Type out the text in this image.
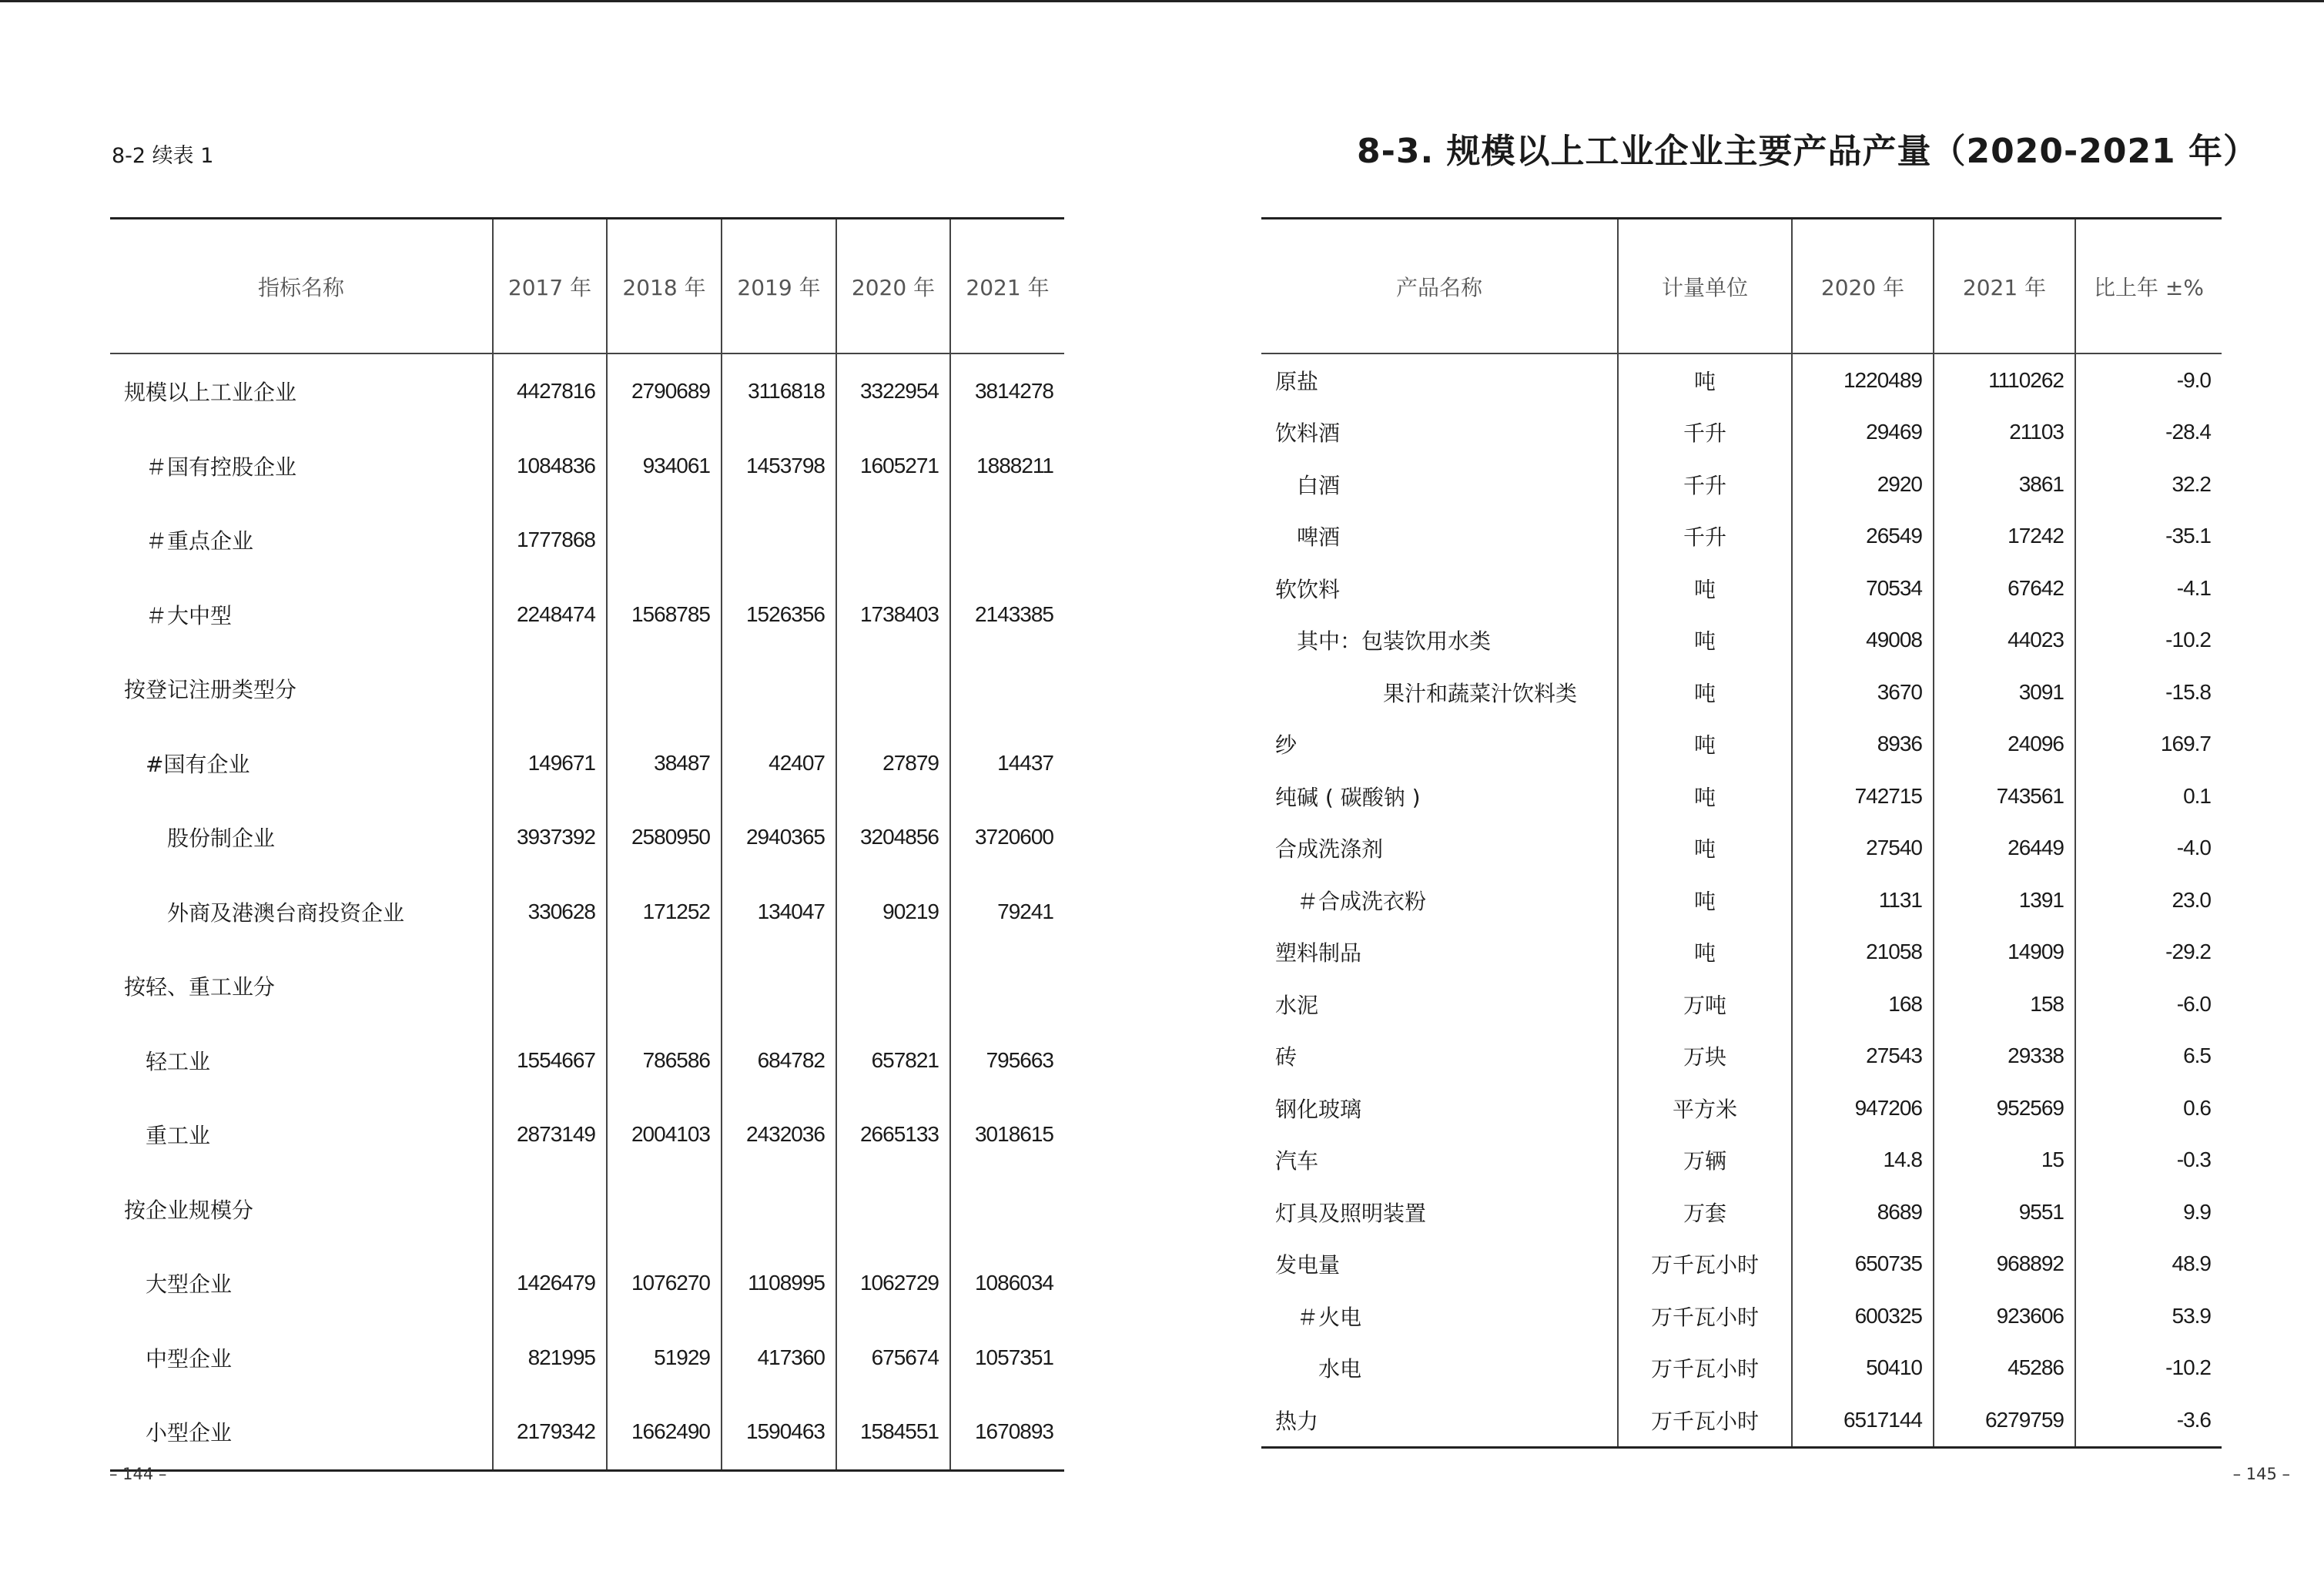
8-2 续表 1
指标名称	2017 年	2018 年	2019 年	2020 年	2021 年
规模以上工业企业	4427816	2790689	3116818	3322954	3814278
＃国有控股企业	1084836	934061	1453798	1605271	1888211
＃重点企业	1777868				
＃大中型	2248474	1568785	1526356	1738403	2143385
按登记注册类型分					
#国有企业	149671	38487	42407	27879	14437
股份制企业	3937392	2580950	2940365	3204856	3720600
外商及港澳台商投资企业	330628	171252	134047	90219	79241
按轻、重工业分					
轻工业	1554667	786586	684782	657821	795663
重工业	2873149	2004103	2432036	2665133	3018615
按企业规模分					
大型企业	1426479	1076270	1108995	1062729	1086034
中型企业	821995	51929	417360	675674	1057351
小型企业	2179342	1662490	1590463	1584551	1670893
– 144 –
8-3. 规模以上工业企业主要产品产量（2020-2021 年）
产品名称	计量单位	2020 年	2021 年	比上年 ±%
原盐	吨	1220489	1110262	-9.0
饮料酒	千升	29469	21103	-28.4
白酒	千升	2920	3861	32.2
啤酒	千升	26549	17242	-35.1
软饮料	吨	70534	67642	-4.1
其中：包装饮用水类	吨	49008	44023	-10.2
果汁和蔬菜汁饮料类	吨	3670	3091	-15.8
纱	吨	8936	24096	169.7
纯碱 ( 碳酸钠 )	吨	742715	743561	0.1
合成洗涤剂	吨	27540	26449	-4.0
＃合成洗衣粉	吨	1131	1391	23.0
塑料制品	吨	21058	14909	-29.2
水泥	万吨	168	158	-6.0
砖	万块	27543	29338	6.5
钢化玻璃	平方米	947206	952569	0.6
汽车	万辆	14.8	15	-0.3
灯具及照明装置	万套	8689	9551	9.9
发电量	万千瓦小时	650735	968892	48.9
＃火电	万千瓦小时	600325	923606	53.9
水电	万千瓦小时	50410	45286	-10.2
热力	万千瓦小时	6517144	6279759	-3.6
– 145 –
